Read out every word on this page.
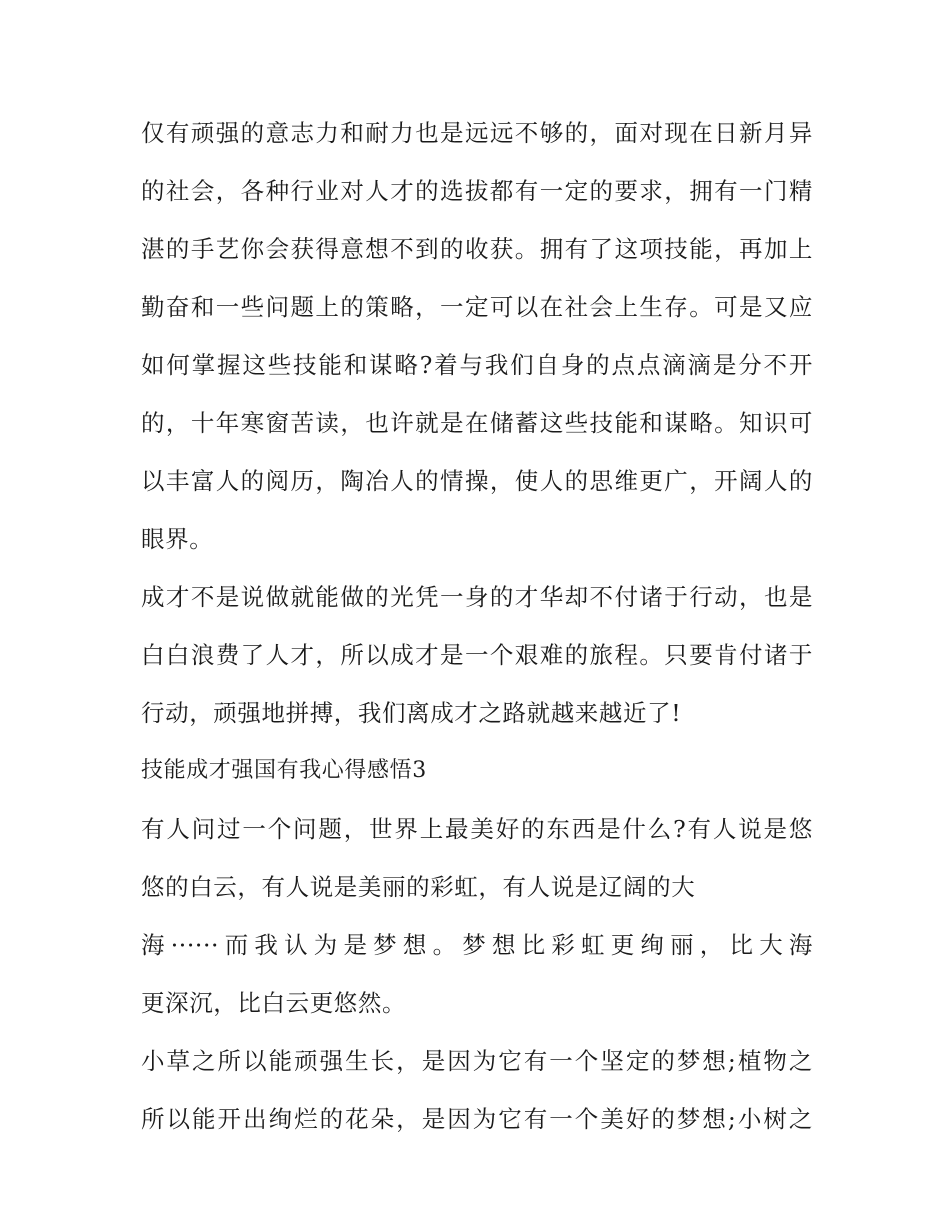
仅有顽强的意志力和耐力也是远远不够的，面对现在日新月异
的社会，各种行业对人才的选拔都有一定的要求，拥有一门精
湛的手艺你会获得意想不到的收获。拥有了这项技能，再加上
勤奋和一些问题上的策略，一定可以在社会上生存。可是又应
如何掌握这些技能和谋略?着与我们自身的点点滴滴是分不开
的，十年寒窗苦读，也许就是在储蓄这些技能和谋略。知识可
以丰富人的阅历，陶冶人的情操，使人的思维更广，开阔人的
眼界。
成才不是说做就能做的光凭一身的才华却不付诸于行动，也是
白白浪费了人才，所以成才是一个艰难的旅程。只要肯付诸于
行动，顽强地拼搏，我们离成才之路就越来越近了!
技能成才强国有我心得感悟3
有人问过一个问题，世界上最美好的东西是什么?有人说是悠
悠的白云，有人说是美丽的彩虹，有人说是辽阔的大
海······而我认为是梦想。梦想比彩虹更绚丽，比大海
更深沉，比白云更悠然。
小草之所以能顽强生长，是因为它有一个坚定的梦想;植物之
所以能开出绚烂的花朵，是因为它有一个美好的梦想;小树之
